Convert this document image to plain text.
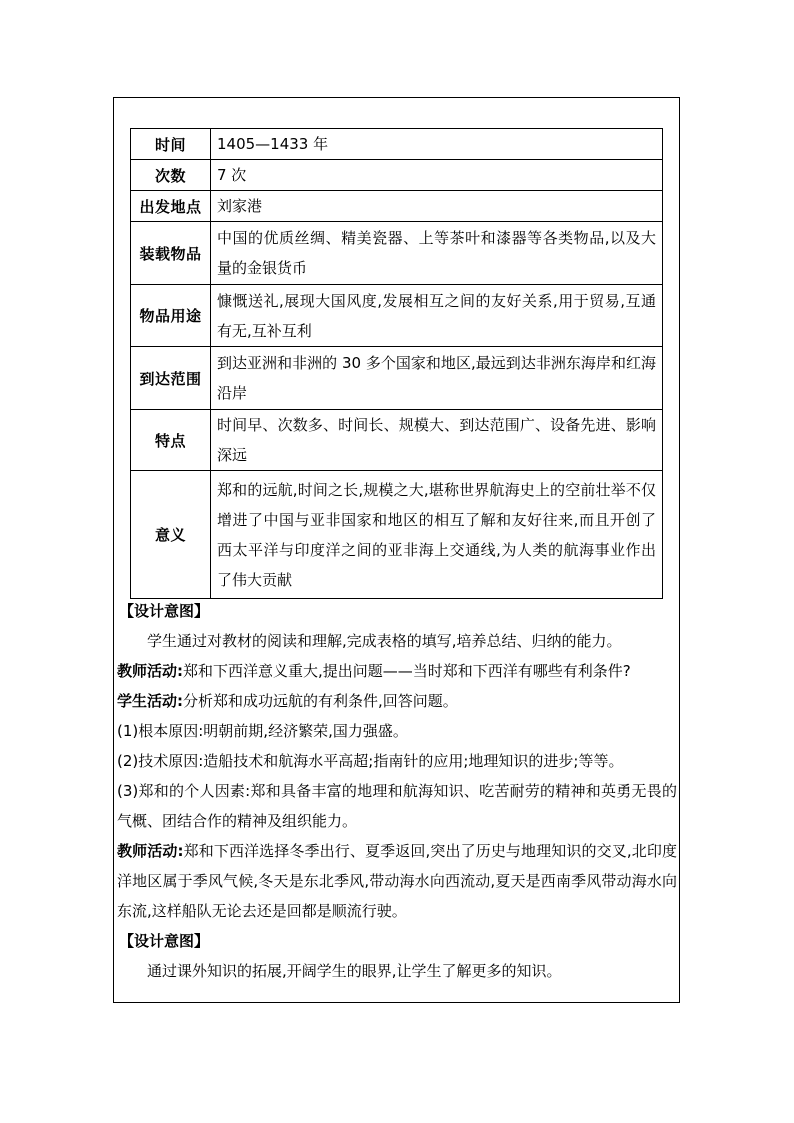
时间	1405—1433 年
次数	7 次
出发地点	刘家港
装载物品	中国的优质丝绸、精美瓷器、上等茶叶和漆器等各类物品,以及大量的金银货币
物品用途	慷慨送礼,展现大国风度,发展相互之间的友好关系,用于贸易,互通有无,互补互利
到达范围	到达亚洲和非洲的 30 多个国家和地区,最远到达非洲东海岸和红海沿岸
特点	时间早、次数多、时间长、规模大、到达范围广、设备先进、影响深远
意义	郑和的远航,时间之长,规模之大,堪称世界航海史上的空前壮举不仅增进了中国与亚非国家和地区的相互了解和友好往来,而且开创了西太平洋与印度洋之间的亚非海上交通线,为人类的航海事业作出了伟大贡献

【设计意图】

学生通过对教材的阅读和理解,完成表格的填写,培养总结、归纳的能力。

教师活动:郑和下西洋意义重大,提出问题——当时郑和下西洋有哪些有利条件?

学生活动:分析郑和成功远航的有利条件,回答问题。

(1)根本原因:明朝前期,经济繁荣,国力强盛。

(2)技术原因:造船技术和航海水平高超;指南针的应用;地理知识的进步;等等。

(3)郑和的个人因素:郑和具备丰富的地理和航海知识、吃苦耐劳的精神和英勇无畏的气概、团结合作的精神及组织能力。

教师活动:郑和下西洋选择冬季出行、夏季返回,突出了历史与地理知识的交叉,北印度洋地区属于季风气候,冬天是东北季风,带动海水向西流动,夏天是西南季风带动海水向东流,这样船队无论去还是回都是顺流行驶。

【设计意图】

通过课外知识的拓展,开阔学生的眼界,让学生了解更多的知识。
